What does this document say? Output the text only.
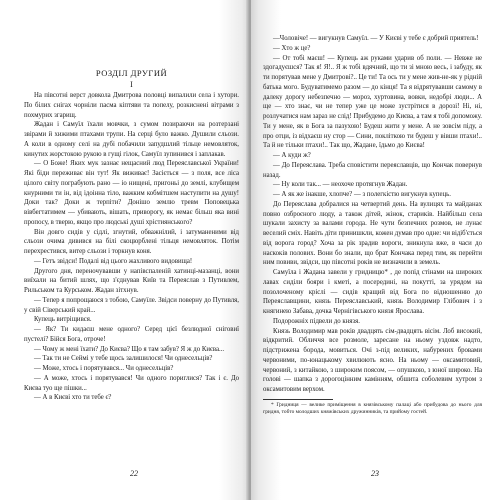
РОЗДІЛ ДРУГИЙ
І

На півсотні верст довкола Дмитрова половці випалили села і хутори. По білих снігах чорніли пасма кіптяви та попелу, розкиснені вітрами з похмурих згарищ.

Жадан і Самуїл їхали мовчки, з сумом позираючи на розтерзані звірами й хижими птахами трупи. На серці було важко. Душили сльози. А коли в одному селі на дубі побачили запудшлий тільце немовляток, кинутих жорстокою рукою в гущі гілок, Самуїл зупинився і заплакав.

— О Боже! Яких мук зазнає нещасний люд Переяславської України! Які біди переживає він тут! Як виживає! Засіється — з поля, все ліса цілого світу пограбують рано — іо нищені, пригоньі до землі, клубищем кнурними ти ін, від ідоінна тіло, важким кобмітшем наступити на душу! Доки так? Доки ж терпіти? Донішо землю тревм Поповецька вівбегтатимем — убивають, вішать, приворогу, як немає більш яка вині пропосу, в тверю, якщо про людські душі хрістиянського?

Він довго сидів у сідлі, згнутий, обважнілий, і затуманеними від сльози очима дивився на білі скоцюрблені тільця немовляток. Потім перехрестився, витер сльози і торкнув коня.

— Гетъ звідси! Подалі від цього жахливого видовища!

Другого дня, переночувавши у напівспаленій хатинці-мазанці, вони виїхали на битий шлях, що з'єднував Київ та Переяслав з Путивлем, Рильськом та Курськом. Жадан зітхнув.

— Тепер я попрощаюся з тобою, Самуїле. Звідси поверну до Путивля, у свій Сіверський край...

Купець витріщився.

— Як? Ти кидаєш мене одного? Серед цієї безлюдної сніговиї пустелі? Бійся Бога, отроче!

— Чому ж мені їхати? До Києва? Що я там забув? Я ж до Києва...

— Так ти не Сеймі у тебе щось залишилося! Чи однесельців?

— Може, хтось і порятувався... Чи однесельців?

— А може, хтось і порятувався! Чи одного пориглися? Так і є. До Києва туо ще пішки...

— А в Києві хто ти тебе є?

22

—Чоловіче! — вигукнув Самуїл. — У Києві у тебе є добрий приятель!

— Хто ж це?

— От тобі маєш! — Купець аж руками ударив об поли. — Невже не здогадуєшся? Так я! Я!.. Я ж тобі вдячний, що ти зі мною весь, і забуду, як ти порятував мене у Дмитрові?.. Це ти! Та ось ти у мене жив-не-як у рідній батька мого. Будуватимемо разом — до кінця! Та я відрятувавши самому в далеку дорогу небезпечно — мороз, хуртовина, вовки, недобрі люди... А ще — хто знає, чи не тепер уже це може зустрітися в дорозі! Ні, ні, розлучатися нам зараз не слід! Прибудемо до Києва, а там я тобі допоможу. Ти у мене, як в Бога за пазухою! Будеш жити у мене. А не зовсім піду, а про отци, із відхаєш ну стор — Сини, покліткою ти будеш у вівши птахи!.. Та й не тільки птахи!.. Так що, Жадане, їдьмо до Києва!

— А куди ж?

— До Переяслава. Треба сповістити переяславців, що Кончак повернув назад.

— Ну коли так... — неохоче протягнув Жадан.

— А як же інакше, хлопче? — з полегкістю вигукнув купець.

До Переяслава добралися на четвертий день. На вулицях та майданах повно озброєного люду, а також дітей, жінок, стариків. Найбільш села шукали захисту за валами города. Не чути безпечних розмов, не лунає веселий сміх. Навіть діти принишкли, кожен думав про одне: чи відіб'ється від ворога город? Хоча за рік зрадив вороги, зникнула вже, в часи до наскоків полових. Вони бо знали, що брат Кончака перед тим, як перейти ним повиви, звідси, що півсотні років не визначили в земель.

Самуїла і Жадана завели у гридницю* , де попід стінами на широких лавах сиділи бояри і кметі, а посередині, на покутті, за урядом на позолоченому кріслі — сидів кращий від Бога по відношенню до Переяславщини, князь Переяславський, князь Володимир Глібович і з княгинею Забава, дочка Чернігівського князя Ярослава.

Подорожніх підвели до князя.

Князь Володимир мав років двадцять сім-двадцять вісім. Лоб високий, відкритий. Обличчя все розмоле, заресане на ньому уздовж надто, підстрижена борода, мовиться. Очі з-під великих, набурених бровами червоними, по-юнацькому хвилюють ясно. На ньому — оксамитовий, червоний, з китайкою, з широким поясом, — опушкою, з юної широко. На голові — шапка з дорогоцінним камінням, обшита соболевим хутром з оксамитовим верхом.

* Гридниця — велике приміщення в князівському палаці або прибудова до нього для гридня, тобто молодших княжівських дружинників, та прийому гостей.

23
